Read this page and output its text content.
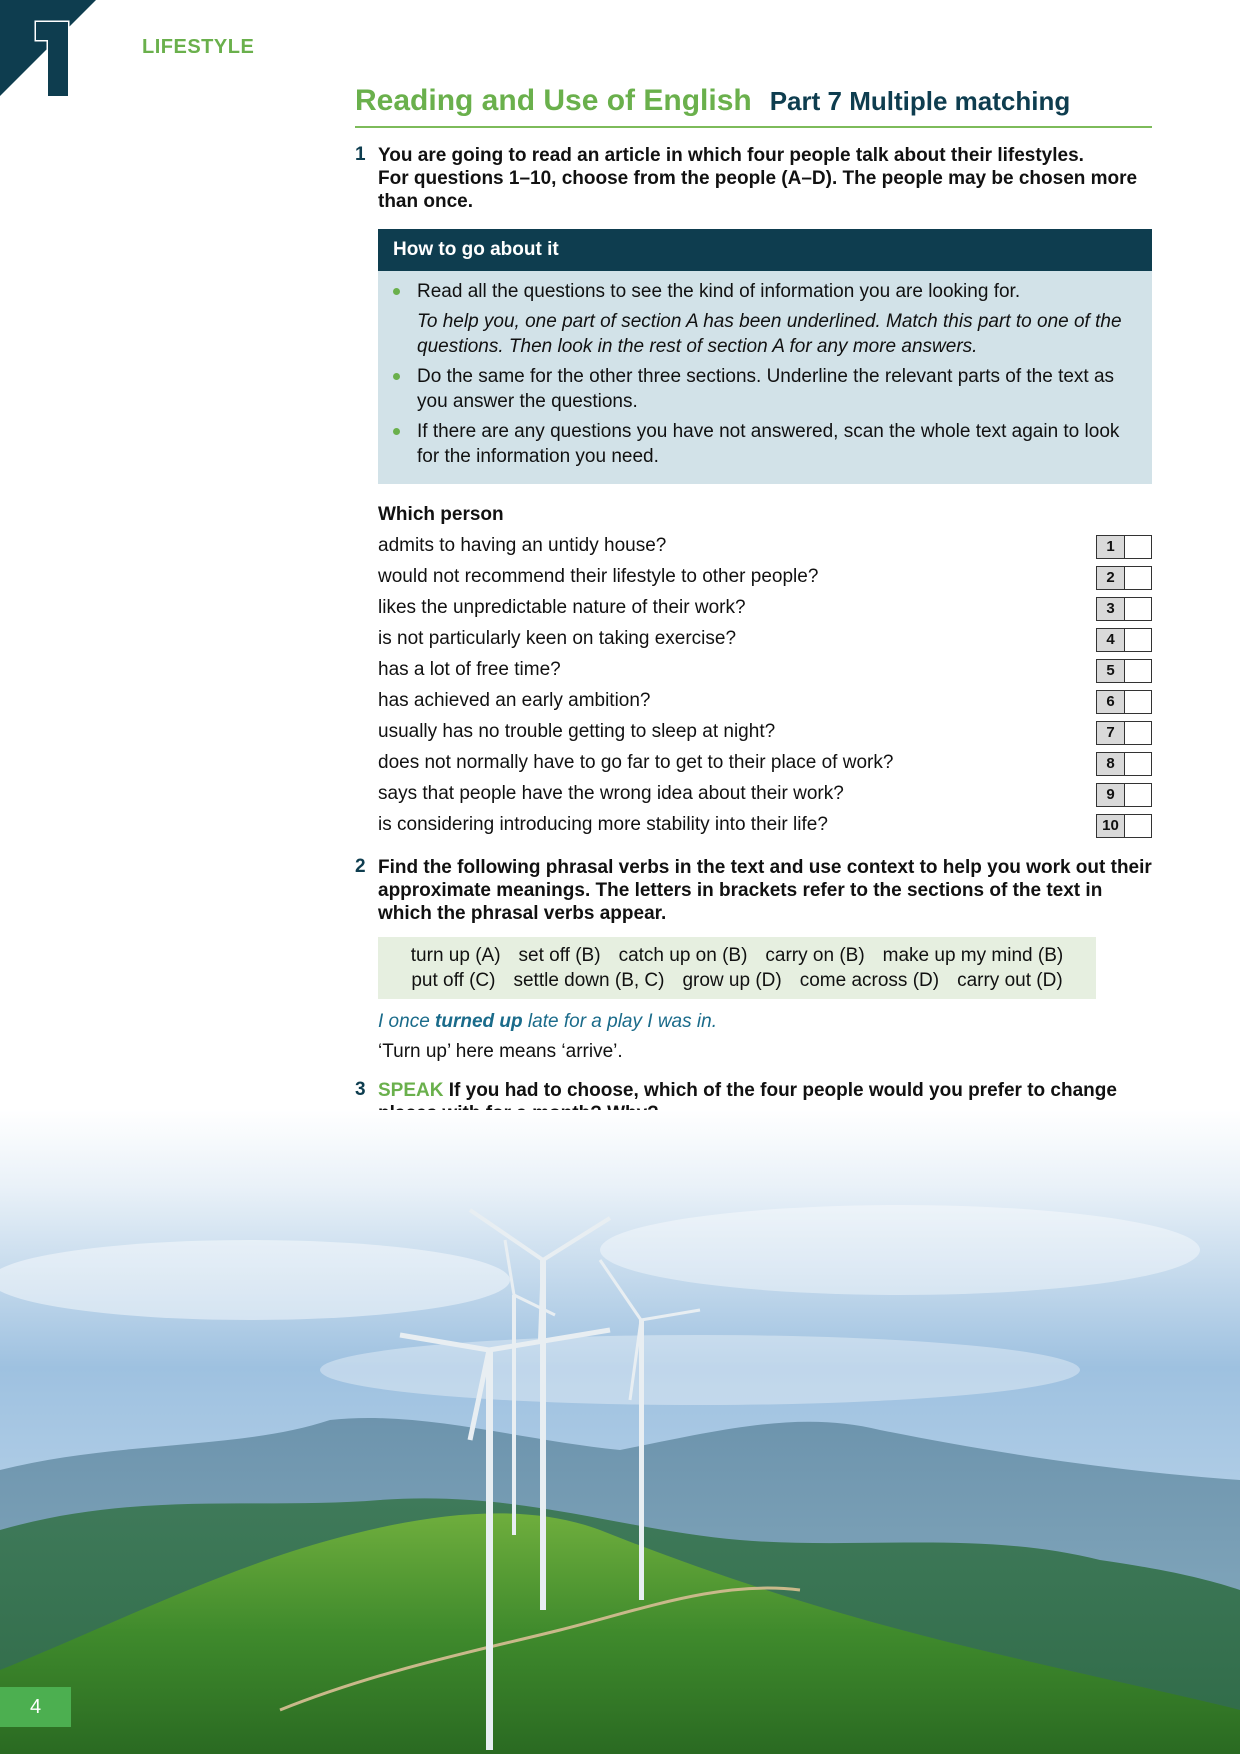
LIFESTYLE
Reading and Use of English Part 7 Multiple matching
1 You are going to read an article in which four people talk about their lifestyles.
For questions 1–10, choose from the people (A–D). The people may be chosen more than once.
How to go about it
Read all the questions to see the kind of information you are looking for.
To help you, one part of section A has been underlined. Match this part to one of the questions. Then look in the rest of section A for any more answers.
Do the same for the other three sections. Underline the relevant parts of the text as you answer the questions.
If there are any questions you have not answered, scan the whole text again to look for the information you need.
Which person
admits to having an untidy house?	1
would not recommend their lifestyle to other people?	2
likes the unpredictable nature of their work?	3
is not particularly keen on taking exercise?	4
has a lot of free time?	5
has achieved an early ambition?	6
usually has no trouble getting to sleep at night?	7
does not normally have to go far to get to their place of work?	8
says that people have the wrong idea about their work?	9
is considering introducing more stability into their life?	10
2 Find the following phrasal verbs in the text and use context to help you work out their approximate meanings. The letters in brackets refer to the sections of the text in which the phrasal verbs appear.
turn up (A) set off (B) catch up on (B) carry on (B) make up my mind (B)
put off (C) settle down (B, C) grow up (D) come across (D) carry out (D)
I once turned up late for a play I was in.
‘Turn up’ here means ‘arrive’.
3 SPEAK If you had to choose, which of the four people would you prefer to change
4
